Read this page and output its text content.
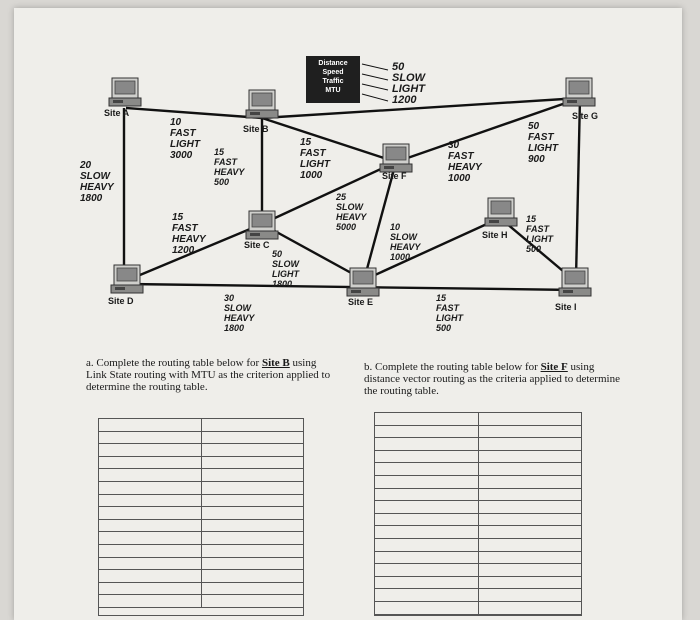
Distance
Speed
Traffic
MTU
50
SLOW
LIGHT
1200
Site A
Site B
Site C
Site D	Site E
Site F
Site G
Site H
Site I
10
FAST
LIGHT
3000	15
FAST
HEAVY
500
20
SLOW
HEAVY
1800
15
FAST
LIGHT
1000
30
FAST
HEAVY
1000
50
FAST
LIGHT
900
25
SLOW
HEAVY
5000
15
FAST
HEAVY
1200	50
SLOW
LIGHT
1800
10
SLOW
HEAVY
1000
15
FAST
LIGHT
500
30
SLOW
HEAVY
1800
15
FAST
LIGHT
500
a. Complete the routing table below for Site B using Link State routing with MTU as the criterion applied to determine the routing table.
b. Complete the routing table below for Site F using distance vector routing as the criteria applied to determine the routing table.
